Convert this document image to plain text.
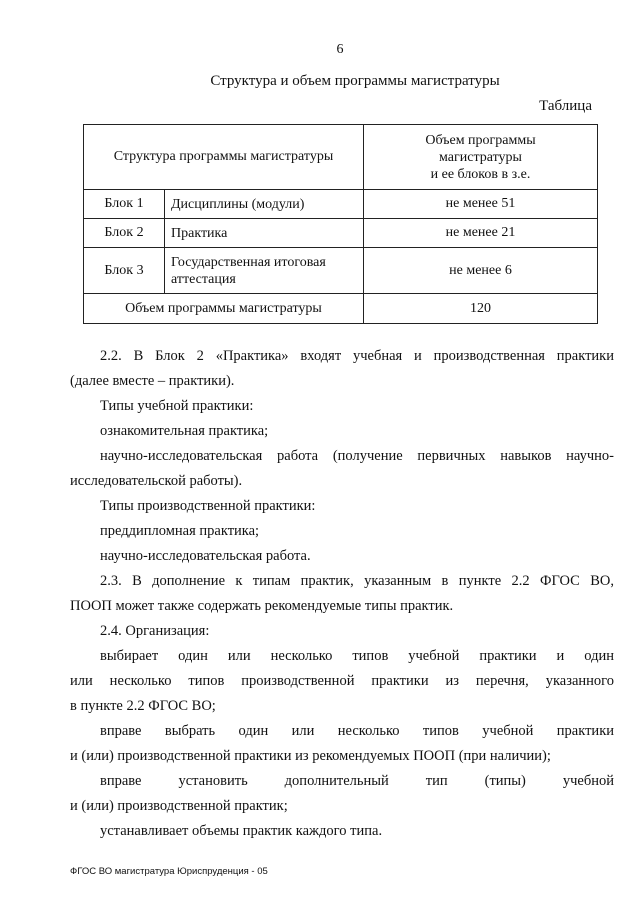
6
Структура и объем программы магистратуры
Таблица
Структура программы магистратуры		Объем программы
магистратуры
и ее блоков в з.е.

Блок 1	Дисциплины (модули)	не менее 51
Блок 2	Практика	не менее 21
Блок 3	Государственная итоговая аттестация	не менее 6
Объем программы магистратуры		120

2.2. В Блок 2 «Практика» входят учебная и производственная практики

(далее вместе – практики).

Типы учебной практики:

ознакомительная практика;

научно-исследовательская работа (получение первичных навыков научно-

исследовательской работы).

Типы производственной практики:

преддипломная практика;

научно-исследовательская работа.

2.3. В дополнение к типам практик, указанным в пункте 2.2 ФГОС ВО,

ПООП может также содержать рекомендуемые типы практик.

2.4. Организация:

выбирает один или несколько типов учебной практики и один

или несколько типов производственной практики из перечня, указанного

в пункте 2.2 ФГОС ВО;

вправе выбрать один или несколько типов учебной практики

и (или) производственной практики из рекомендуемых ПООП (при наличии);

вправе установить дополнительный тип (типы) учебной

и (или) производственной практик;

устанавливает объемы практик каждого типа.

ФГОС ВО магистратура Юриспруденция - 05
